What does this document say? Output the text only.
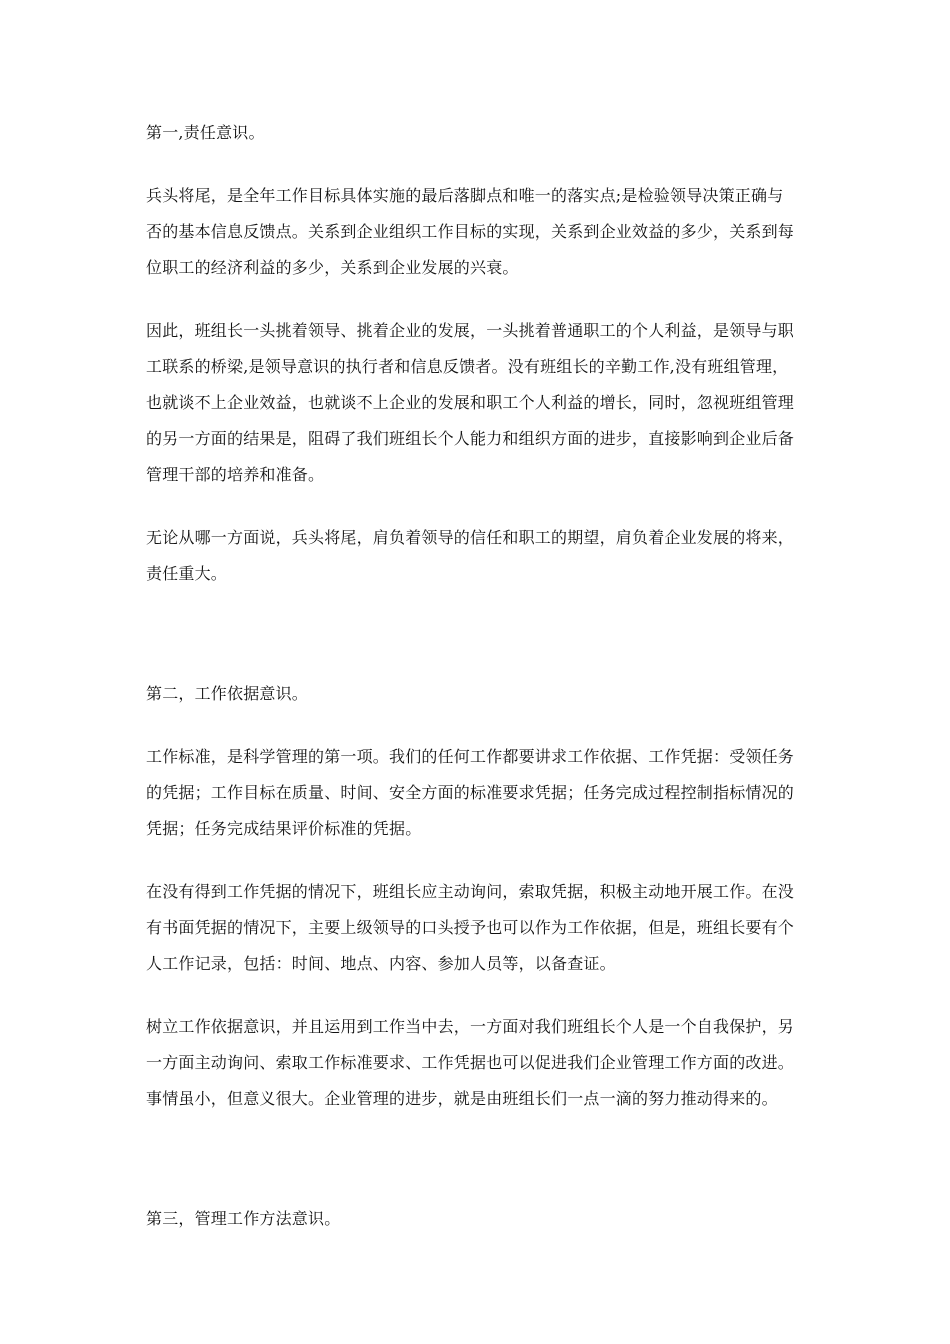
第一,责任意识。

兵头将尾，是全年工作目标具体实施的最后落脚点和唯一的落实点;是检验领导决策正确与

否的基本信息反馈点。关系到企业组织工作目标的实现，关系到企业效益的多少，关系到每

位职工的经济利益的多少，关系到企业发展的兴衰。

因此，班组长一头挑着领导、挑着企业的发展，一头挑着普通职工的个人利益，是领导与职

工联系的桥梁,是领导意识的执行者和信息反馈者。没有班组长的辛勤工作,没有班组管理，

也就谈不上企业效益，也就谈不上企业的发展和职工个人利益的增长，同时，忽视班组管理

的另一方面的结果是，阻碍了我们班组长个人能力和组织方面的进步，直接影响到企业后备

管理干部的培养和准备。

无论从哪一方面说，兵头将尾，肩负着领导的信任和职工的期望，肩负着企业发展的将来，

责任重大。

第二，工作依据意识。

工作标准，是科学管理的第一项。我们的任何工作都要讲求工作依据、工作凭据：受领任务

的凭据；工作目标在质量、时间、安全方面的标准要求凭据；任务完成过程控制指标情况的

凭据；任务完成结果评价标准的凭据。

在没有得到工作凭据的情况下，班组长应主动询问，索取凭据，积极主动地开展工作。在没

有书面凭据的情况下，主要上级领导的口头授予也可以作为工作依据，但是，班组长要有个

人工作记录，包括：时间、地点、内容、参加人员等，以备查证。

树立工作依据意识，并且运用到工作当中去，一方面对我们班组长个人是一个自我保护，另

一方面主动询问、索取工作标准要求、工作凭据也可以促进我们企业管理工作方面的改进。

事情虽小，但意义很大。企业管理的进步，就是由班组长们一点一滴的努力推动得来的。

第三，管理工作方法意识。
